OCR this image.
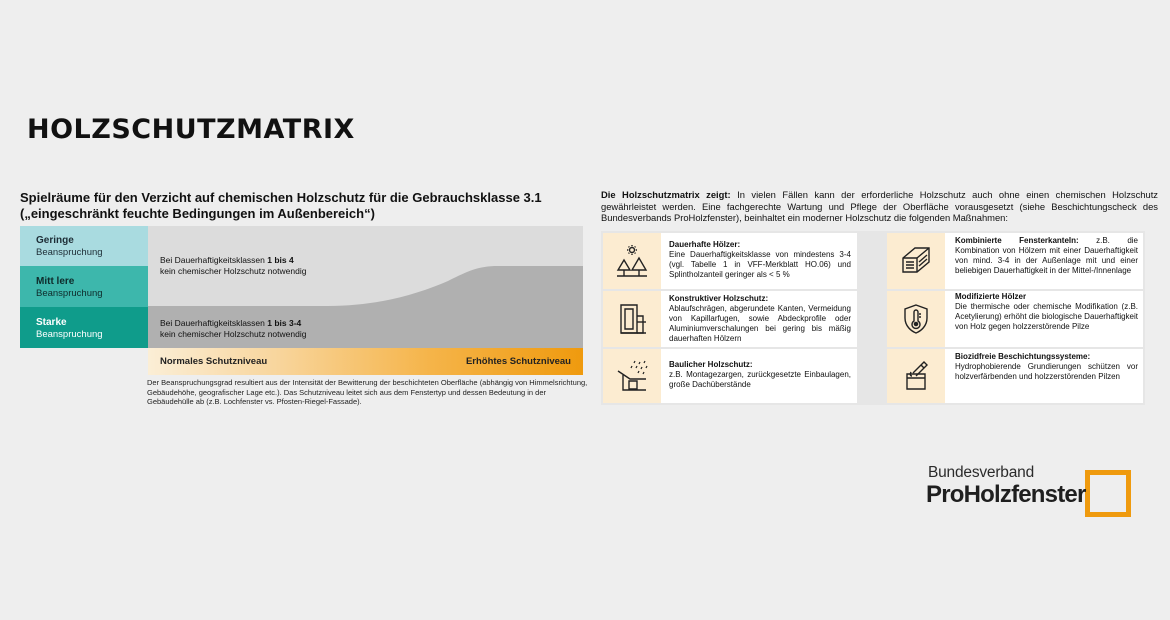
HOLZSCHUTZMATRIX
Spielräume für den Verzicht auf chemischen Holzschutz für die Gebrauchsklasse 3.1
(„eingeschränkt feuchte Bedingungen im Außenbereich“)
Geringe
Beanspruchung
Mitt lere
Beanspruchung
Starke
Beanspruchung
Bei Dauerhaftigkeitsklassen 1 bis 4
kein chemischer Holzschutz notwendig
Bei Dauerhaftigkeitsklassen 1 bis 3-4
kein chemischer Holzschutz notwendig
Normales Schutzniveau	Erhöhtes Schutzniveau
Der Beanspruchungsgrad resultiert aus der Intensität der Bewitterung der beschichteten Oberfläche (abhängig von Himmelsrichtung, Gebäudehöhe, geografischer Lage etc.). Das Schutzniveau leitet sich aus dem Fenstertyp und dessen Bedeutung in der Gebäudehülle ab (z.B. Lochfenster vs. Pfosten-Riegel-Fassade).
Die Holzschutzmatrix zeigt: In vielen Fällen kann der erforderliche Holzschutz auch ohne einen chemischen Holzschutz gewährleistet werden. Eine fachgerechte Wartung und Pflege der Oberfläche vorausgesetzt (siehe Beschichtungscheck des Bundesverbands ProHolzfenster), beinhaltet ein moderner Holzschutz die folgenden Maßnahmen:
Dauerhafte Hölzer:
Eine Dauerhaftigkeitsklasse von mindestens 3-4 (vgl. Tabelle 1 in VFF-Merkblatt HO.06) und Splintholzanteil geringer als < 5 %
Konstruktiver Holzschutz:
Ablaufschrägen, abgerundete Kanten, Vermeidung von Kapillarfugen, sowie Abdeckprofile oder Aluminiumverschalungen bei gering bis mäßig dauerhaften Hölzern
Baulicher Holzschutz:
z.B. Montagezargen, zurückgesetzte Einbaulagen, große Dachüberstände
Kombinierte Fensterkanteln: z.B. die Kombination von Hölzern mit einer Dauerhaftigkeit von mind. 3-4 in der Außenlage mit und einer beliebigen Dauerhaftigkeit in der Mittel-/Innenlage
Modifizierte Hölzer
Die thermische oder chemische Modifikation (z.B. Acetylierung) erhöht die biologische Dauerhaftigkeit von Holz gegen holzzerstörende Pilze
Biozidfreie Beschichtungssysteme:
Hydrophobierende Grundierungen schützen vor holzverfärbenden und holzzerstörenden Pilzen
Bundesverband
ProHolzfenster
